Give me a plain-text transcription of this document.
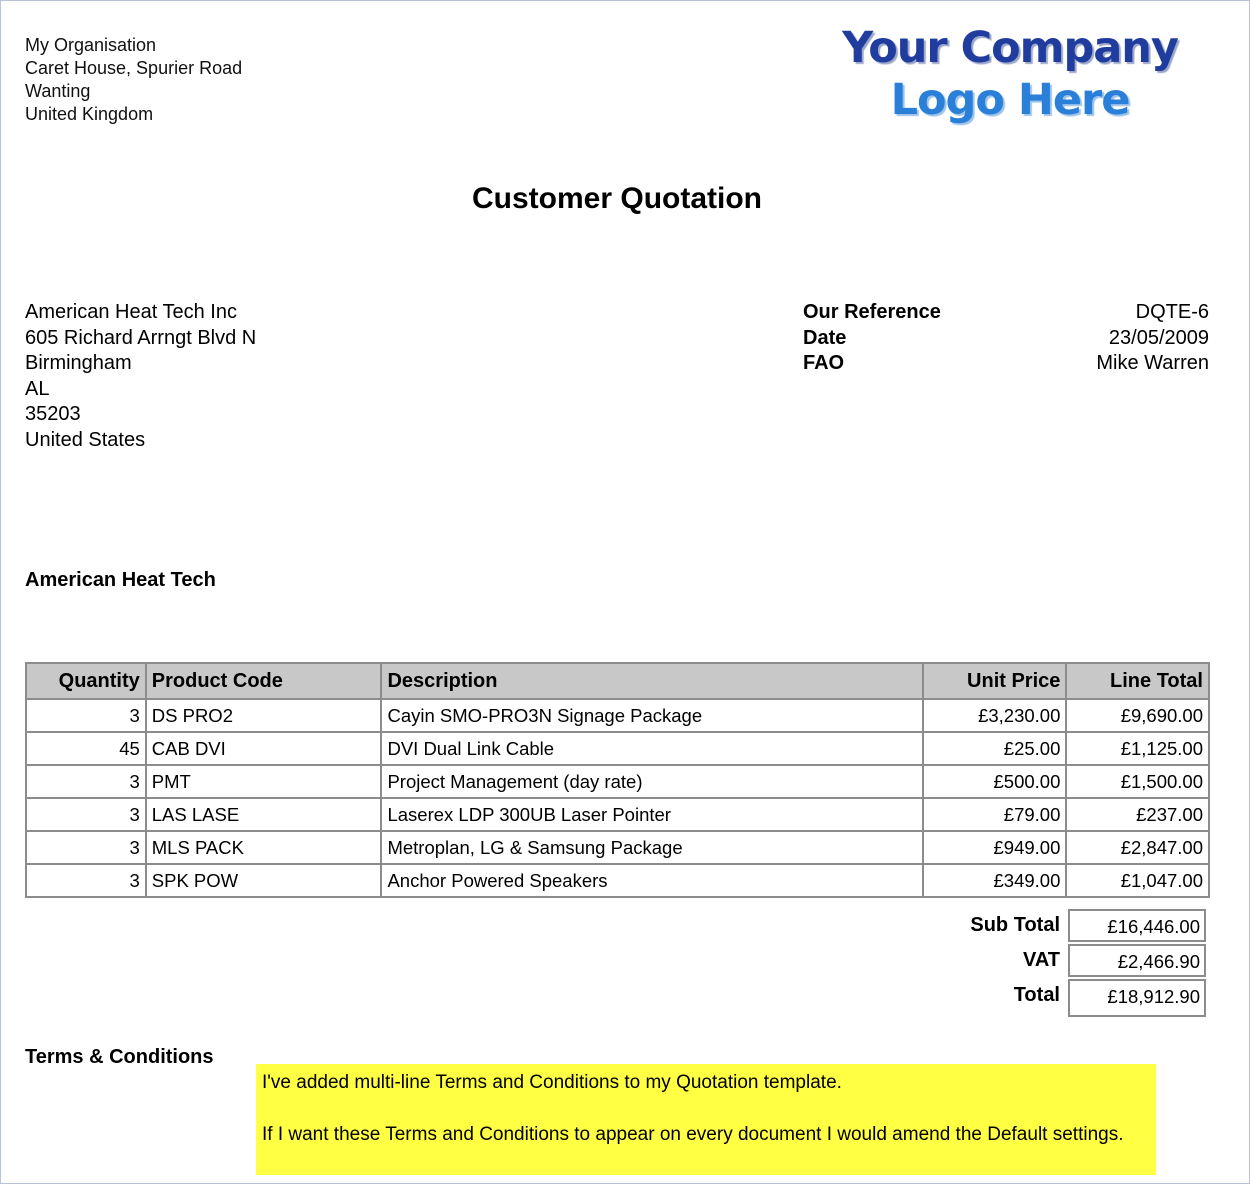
My Organisation
Caret House, Spurier Road
Wanting
United Kingdom
Your Company
Logo Here
Customer Quotation
American Heat Tech Inc
605 Richard Arrngt Blvd N
Birmingham
AL
35203
United States
Our Reference	DQTE-6
Date	23/05/2009
FAO	Mike Warren
American Heat Tech
Quantity	Product Code	Description	Unit Price	Line Total
3	DS PRO2	Cayin SMO-PRO3N Signage Package	£3,230.00	£9,690.00
45	CAB DVI	DVI Dual Link Cable	£25.00	£1,125.00
3	PMT	Project Management (day rate)	£500.00	£1,500.00
3	LAS LASE	Laserex LDP 300UB Laser Pointer	£79.00	£237.00
3	MLS PACK	Metroplan, LG & Samsung Package	£949.00	£2,847.00
3	SPK POW	Anchor Powered Speakers	£349.00	£1,047.00
Sub Total	£16,446.00
VAT	£2,466.90
Total	£18,912.90
Terms & Conditions

I've added multi-line Terms and Conditions to my Quotation template.

If I want these Terms and Conditions to appear on every document I would amend the Default settings.
